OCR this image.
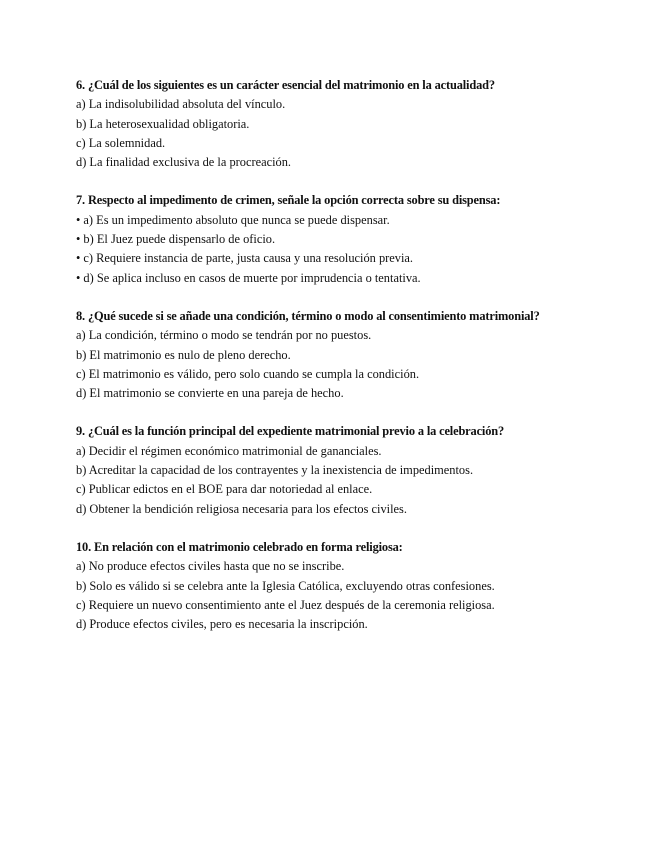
6. ¿Cuál de los siguientes es un carácter esencial del matrimonio en la actualidad?
a) La indisolubilidad absoluta del vínculo.
b) La heterosexualidad obligatoria.
c) La solemnidad.
d) La finalidad exclusiva de la procreación.
7. Respecto al impedimento de crimen, señale la opción correcta sobre su dispensa:
• a) Es un impedimento absoluto que nunca se puede dispensar.
• b) El Juez puede dispensarlo de oficio.
• c) Requiere instancia de parte, justa causa y una resolución previa.
• d) Se aplica incluso en casos de muerte por imprudencia o tentativa.
8. ¿Qué sucede si se añade una condición, término o modo al consentimiento matrimonial?
a) La condición, término o modo se tendrán por no puestos.
b) El matrimonio es nulo de pleno derecho.
c) El matrimonio es válido, pero solo cuando se cumpla la condición.
d) El matrimonio se convierte en una pareja de hecho.
9. ¿Cuál es la función principal del expediente matrimonial previo a la celebración?
a) Decidir el régimen económico matrimonial de gananciales.
b) Acreditar la capacidad de los contrayentes y la inexistencia de impedimentos.
c) Publicar edictos en el BOE para dar notoriedad al enlace.
d) Obtener la bendición religiosa necesaria para los efectos civiles.
10. En relación con el matrimonio celebrado en forma religiosa:
a) No produce efectos civiles hasta que no se inscribe.
b) Solo es válido si se celebra ante la Iglesia Católica, excluyendo otras confesiones.
c) Requiere un nuevo consentimiento ante el Juez después de la ceremonia religiosa.
d) Produce efectos civiles, pero es necesaria la inscripción.
